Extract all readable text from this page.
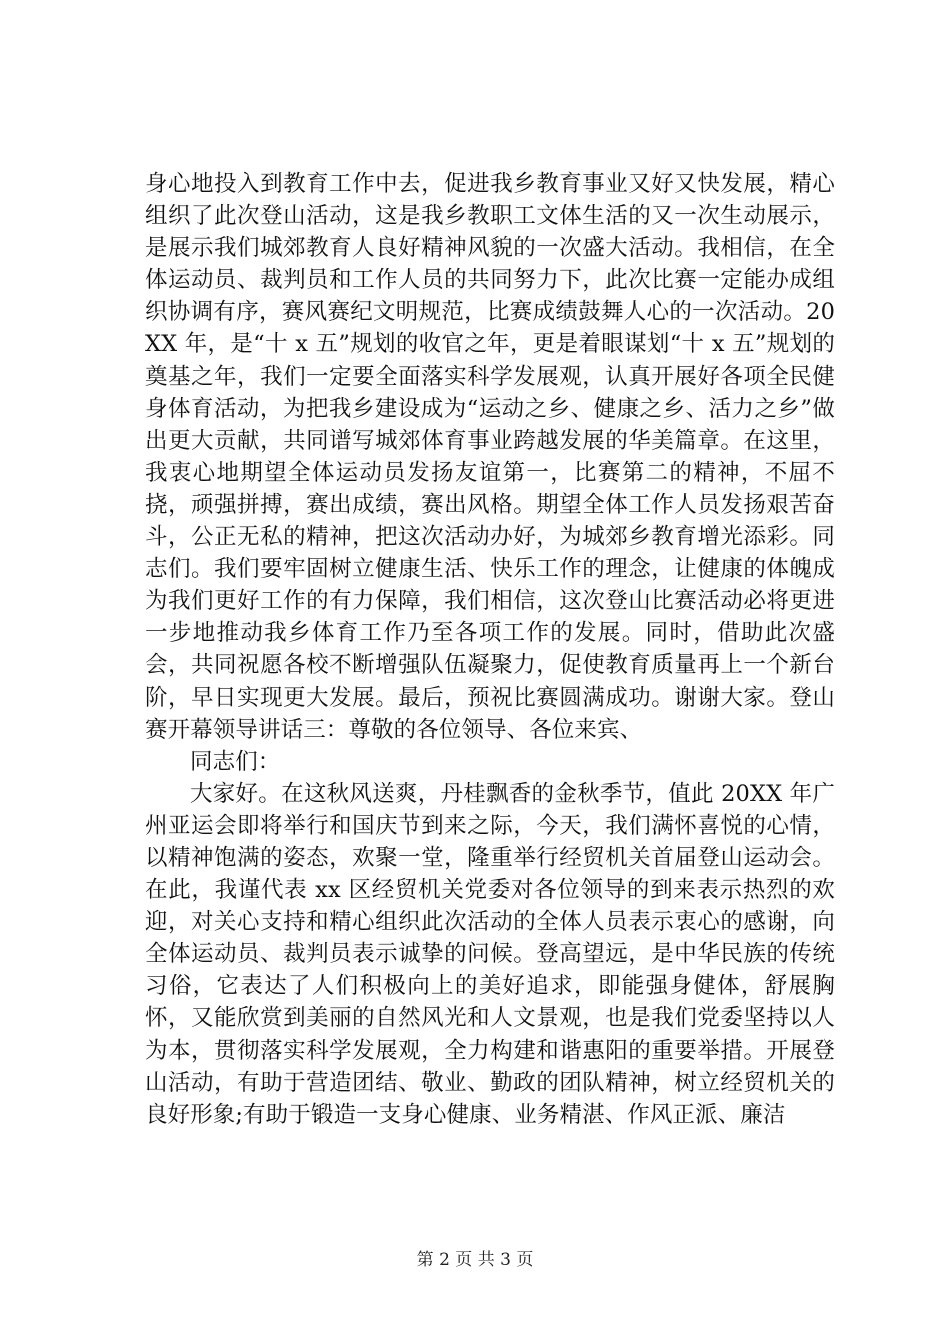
身心地投入到教育工作中去，促进我乡教育事业又好又快发展，精心组织了此次登山活动，这是我乡教职工文体生活的又一次生动展示，是展示我们城郊教育人良好精神风貌的一次盛大活动。我相信，在全体运动员、裁判员和工作人员的共同努力下，此次比赛一定能办成组织协调有序，赛风赛纪文明规范，比赛成绩鼓舞人心的一次活动。20XX 年，是“十 x 五”规划的收官之年，更是着眼谋划“十 x 五”规划的奠基之年，我们一定要全面落实科学发展观，认真开展好各项全民健身体育活动，为把我乡建设成为“运动之乡、健康之乡、活力之乡”做出更大贡献，共同谱写城郊体育事业跨越发展的华美篇章。在这里，我衷心地期望全体运动员发扬友谊第一，比赛第二的精神，不屈不挠，顽强拼搏，赛出成绩，赛出风格。期望全体工作人员发扬艰苦奋斗，公正无私的精神，把这次活动办好，为城郊乡教育增光添彩。同志们。我们要牢固树立健康生活、快乐工作的理念，让健康的体魄成为我们更好工作的有力保障，我们相信，这次登山比赛活动必将更进一步地推动我乡体育工作乃至各项工作的发展。同时，借助此次盛会，共同祝愿各校不断增强队伍凝聚力，促使教育质量再上一个新台阶，早日实现更大发展。最后，预祝比赛圆满成功。谢谢大家。登山赛开幕领导讲话三：尊敬的各位领导、各位来宾、

同志们：

大家好。在这秋风送爽，丹桂飘香的金秋季节，值此 20XX 年广州亚运会即将举行和国庆节到来之际，今天，我们满怀喜悦的心情，以精神饱满的姿态，欢聚一堂，隆重举行经贸机关首届登山运动会。在此，我谨代表 xx 区经贸机关党委对各位领导的到来表示热烈的欢迎，对关心支持和精心组织此次活动的全体人员表示衷心的感谢，向全体运动员、裁判员表示诚挚的问候。登高望远，是中华民族的传统习俗，它表达了人们积极向上的美好追求，即能强身健体，舒展胸怀，又能欣赏到美丽的自然风光和人文景观，也是我们党委坚持以人为本，贯彻落实科学发展观，全力构建和谐惠阳的重要举措。开展登山活动，有助于营造团结、敬业、勤政的团队精神，树立经贸机关的良好形象;有助于锻造一支身心健康、业务精湛、作风正派、廉洁

第 2 页 共 3 页
